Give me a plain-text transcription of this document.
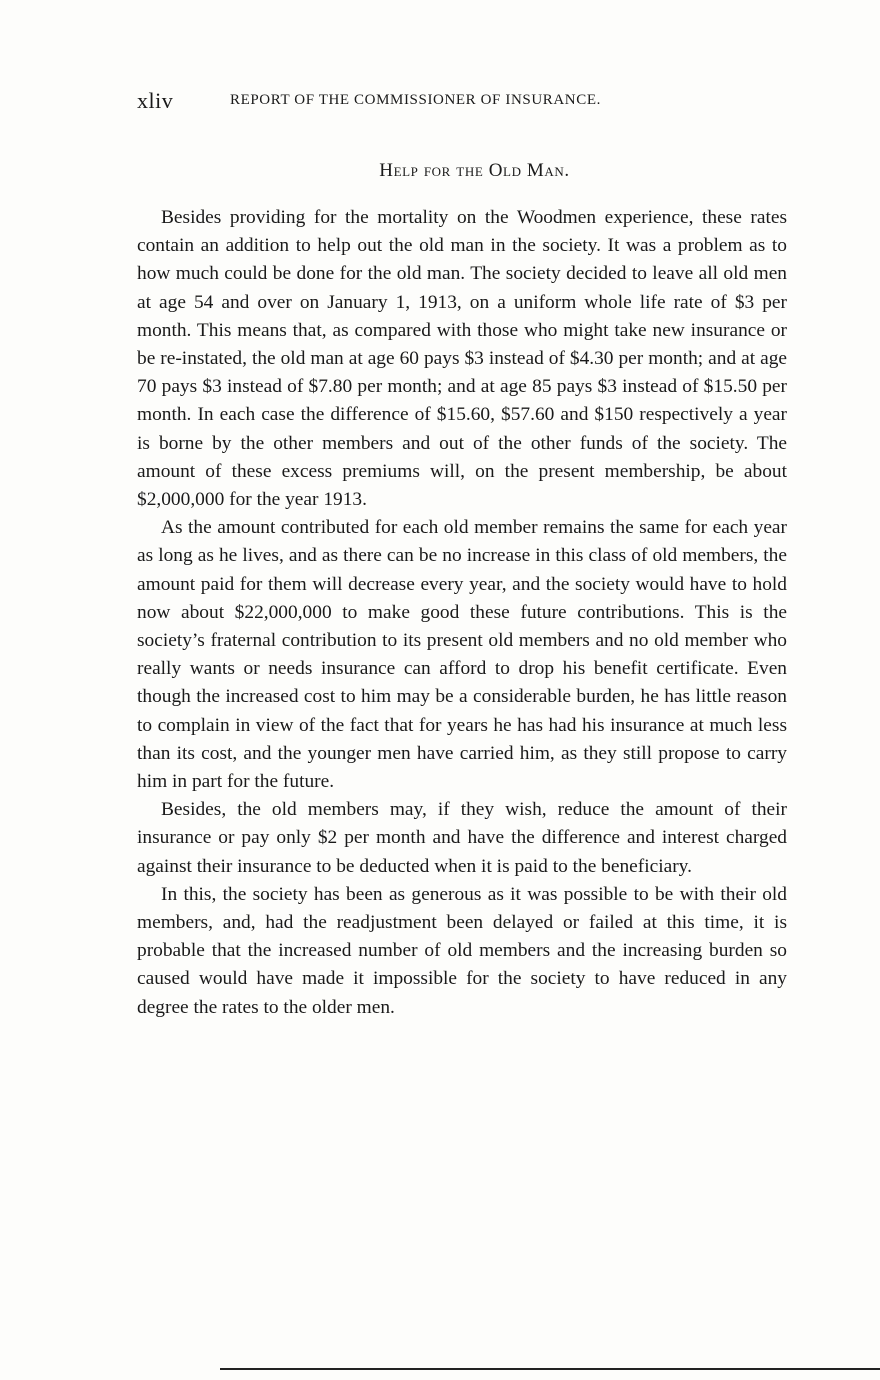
xliv	REPORT OF THE COMMISSIONER OF INSURANCE.
Help for the Old Man.

Besides providing for the mortality on the Woodmen experience, these rates contain an addition to help out the old man in the society. It was a problem as to how much could be done for the old man. The society decided to leave all old men at age 54 and over on January 1, 1913, on a uniform whole life rate of $3 per month. This means that, as compared with those who might take new insurance or be re-instated, the old man at age 60 pays $3 instead of $4.30 per month; and at age 70 pays $3 instead of $7.80 per month; and at age 85 pays $3 instead of $15.50 per month. In each case the difference of $15.60, $57.60 and $150 respectively a year is borne by the other members and out of the other funds of the society. The amount of these excess premiums will, on the present membership, be about $2,000,000 for the year 1913.

As the amount contributed for each old member remains the same for each year as long as he lives, and as there can be no increase in this class of old members, the amount paid for them will decrease every year, and the society would have to hold now about $22,000,000 to make good these future contributions. This is the society’s fraternal contribution to its present old members and no old member who really wants or needs insurance can afford to drop his benefit certificate. Even though the increased cost to him may be a considerable burden, he has little reason to complain in view of the fact that for years he has had his insurance at much less than its cost, and the younger men have carried him, as they still propose to carry him in part for the future.

Besides, the old members may, if they wish, reduce the amount of their insurance or pay only $2 per month and have the difference and interest charged against their insurance to be deducted when it is paid to the beneficiary.

In this, the society has been as generous as it was possible to be with their old members, and, had the readjustment been delayed or failed at this time, it is probable that the increased number of old members and the increasing burden so caused would have made it impossible for the society to have reduced in any degree the rates to the older men.
